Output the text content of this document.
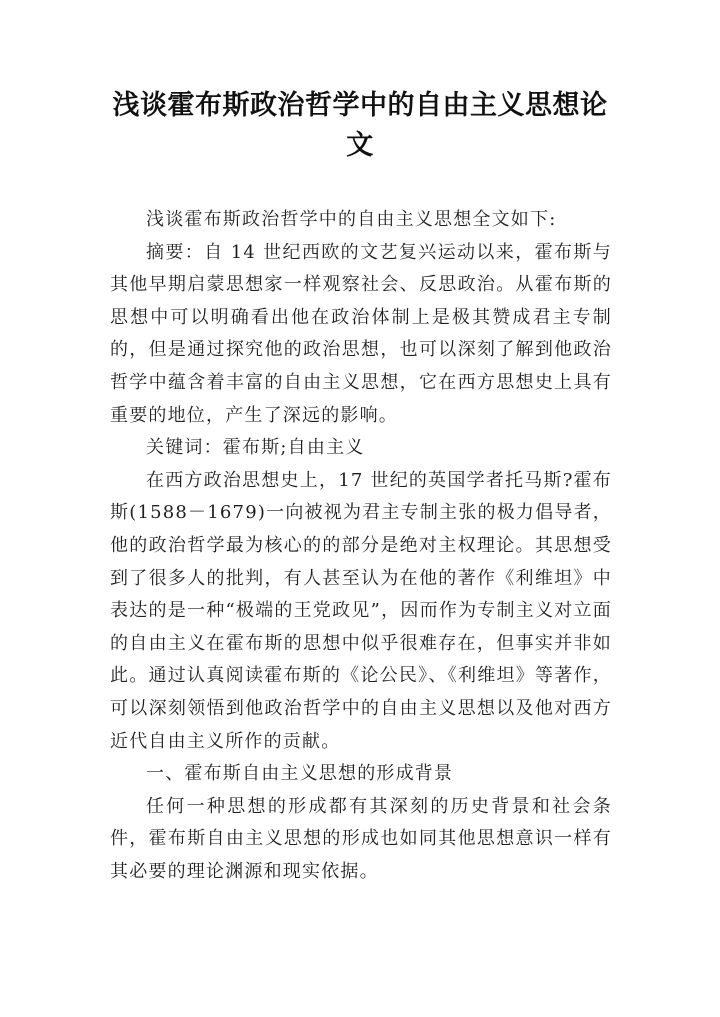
浅谈霍布斯政治哲学中的自由主义思想论文

浅谈霍布斯政治哲学中的自由主义思想全文如下:

摘要：自 14 世纪西欧的文艺复兴运动以来，霍布斯与其他早期启蒙思想家一样观察社会、反思政治。从霍布斯的思想中可以明确看出他在政治体制上是极其赞成君主专制的，但是通过探究他的政治思想，也可以深刻了解到他政治哲学中蕴含着丰富的自由主义思想，它在西方思想史上具有重要的地位，产生了深远的影响。

关键词：霍布斯;自由主义

在西方政治思想史上，17 世纪的英国学者托马斯?霍布斯(1588－1679)一向被视为君主专制主张的极力倡导者，他的政治哲学最为核心的的部分是绝对主权理论。其思想受到了很多人的批判，有人甚至认为在他的著作《利维坦》中表达的是一种“极端的王党政见”，因而作为专制主义对立面的自由主义在霍布斯的思想中似乎很难存在，但事实并非如此。通过认真阅读霍布斯的《论公民》、《利维坦》等著作，可以深刻领悟到他政治哲学中的自由主义思想以及他对西方近代自由主义所作的贡献。

一、霍布斯自由主义思想的形成背景

任何一种思想的形成都有其深刻的历史背景和社会条件，霍布斯自由主义思想的形成也如同其他思想意识一样有其必要的理论渊源和现实依据。
